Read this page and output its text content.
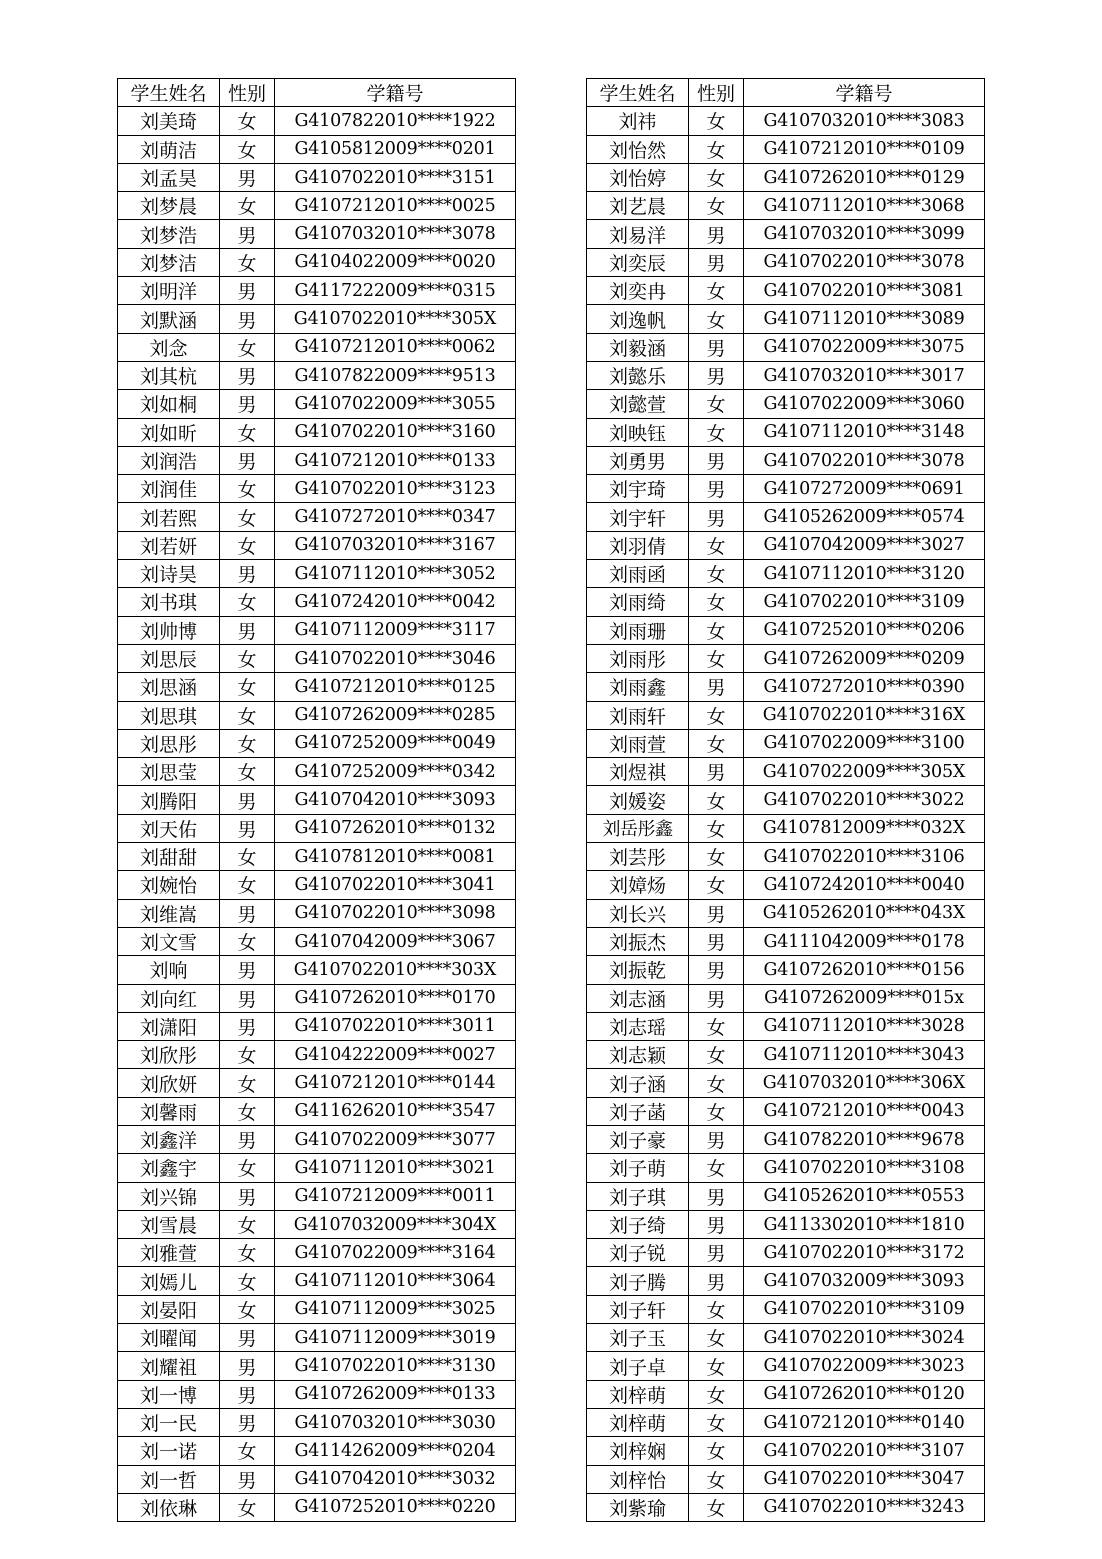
学生姓名	性别	学籍号
刘美琦	女	G4107822010****1922
刘萌洁	女	G4105812009****0201
刘孟昊	男	G4107022010****3151
刘梦晨	女	G4107212010****0025
刘梦浩	男	G4107032010****3078
刘梦洁	女	G4104022009****0020
刘明洋	男	G4117222009****0315
刘默涵	男	G4107022010****305X
刘念	女	G4107212010****0062
刘其杭	男	G4107822009****9513
刘如桐	男	G4107022009****3055
刘如昕	女	G4107022010****3160
刘润浩	男	G4107212010****0133
刘润佳	女	G4107022010****3123
刘若熙	女	G4107272010****0347
刘若妍	女	G4107032010****3167
刘诗昊	男	G4107112010****3052
刘书琪	女	G4107242010****0042
刘帅博	男	G4107112009****3117
刘思辰	女	G4107022010****3046
刘思涵	女	G4107212010****0125
刘思琪	女	G4107262009****0285
刘思彤	女	G4107252009****0049
刘思莹	女	G4107252009****0342
刘腾阳	男	G4107042010****3093
刘天佑	男	G4107262010****0132
刘甜甜	女	G4107812010****0081
刘婉怡	女	G4107022010****3041
刘维嵩	男	G4107022010****3098
刘文雪	女	G4107042009****3067
刘响	男	G4107022010****303X
刘向红	男	G4107262010****0170
刘潇阳	男	G4107022010****3011
刘欣彤	女	G4104222009****0027
刘欣妍	女	G4107212010****0144
刘馨雨	女	G4116262010****3547
刘鑫洋	男	G4107022009****3077
刘鑫宇	女	G4107112010****3021
刘兴锦	男	G4107212009****0011
刘雪晨	女	G4107032009****304X
刘雅萱	女	G4107022009****3164
刘嫣儿	女	G4107112010****3064
刘晏阳	女	G4107112009****3025
刘曜闻	男	G4107112009****3019
刘耀祖	男	G4107022010****3130
刘一博	男	G4107262009****0133
刘一民	男	G4107032010****3030
刘一诺	女	G4114262009****0204
刘一哲	男	G4107042010****3032
刘依琳	女	G4107252010****0220
学生姓名	性别	学籍号
刘祎	女	G4107032010****3083
刘怡然	女	G4107212010****0109
刘怡婷	女	G4107262010****0129
刘艺晨	女	G4107112010****3068
刘易洋	男	G4107032010****3099
刘奕辰	男	G4107022010****3078
刘奕冉	女	G4107022010****3081
刘逸帆	女	G4107112010****3089
刘毅涵	男	G4107022009****3075
刘懿乐	男	G4107032010****3017
刘懿萱	女	G4107022009****3060
刘映钰	女	G4107112010****3148
刘勇男	男	G4107022010****3078
刘宇琦	男	G4107272009****0691
刘宇轩	男	G4105262009****0574
刘羽倩	女	G4107042009****3027
刘雨函	女	G4107112010****3120
刘雨绮	女	G4107022010****3109
刘雨珊	女	G4107252010****0206
刘雨彤	女	G4107262009****0209
刘雨鑫	男	G4107272010****0390
刘雨轩	女	G4107022010****316X
刘雨萱	女	G4107022009****3100
刘煜祺	男	G4107022009****305X
刘媛姿	女	G4107022010****3022
刘岳彤鑫	女	G4107812009****032X
刘芸彤	女	G4107022010****3106
刘嫜炀	女	G4107242010****0040
刘长兴	男	G4105262010****043X
刘振杰	男	G4111042009****0178
刘振乾	男	G4107262010****0156
刘志涵	男	G4107262009****015x
刘志瑶	女	G4107112010****3028
刘志颖	女	G4107112010****3043
刘子涵	女	G4107032010****306X
刘子菡	女	G4107212010****0043
刘子豪	男	G4107822010****9678
刘子萌	女	G4107022010****3108
刘子琪	男	G4105262010****0553
刘子绮	男	G4113302010****1810
刘子锐	男	G4107022010****3172
刘子腾	男	G4107032009****3093
刘子轩	女	G4107022010****3109
刘子玉	女	G4107022010****3024
刘子卓	女	G4107022009****3023
刘梓萌	女	G4107262010****0120
刘梓萌	女	G4107212010****0140
刘梓娴	女	G4107022010****3107
刘梓怡	女	G4107022010****3047
刘紫瑜	女	G4107022010****3243
